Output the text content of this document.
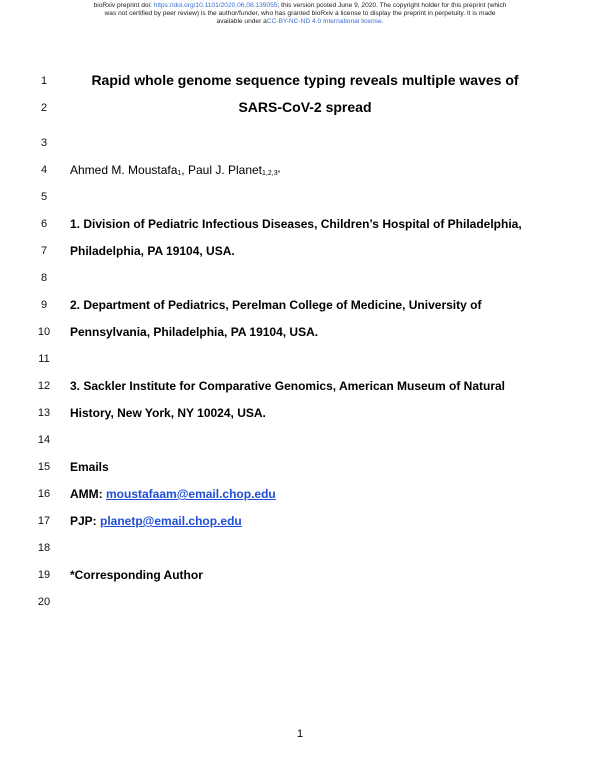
bioRxiv preprint doi: https://doi.org/10.1101/2020.06.08.139055; this version posted June 9, 2020. The copyright holder for this preprint (which
was not certified by peer review) is the author/funder, who has granted bioRxiv a license to display the preprint in perpetuity. It is made
available under aCC-BY-NC-ND 4.0 International license.
1	Rapid whole genome sequence typing reveals multiple waves of
2	SARS-CoV-2 spread
3
4	Ahmed M. Moustafa$_1$, Paul J. Planet$_{1,2,3*}$
5
6	1. Division of Pediatric Infectious Diseases, Children’s Hospital of Philadelphia,
7	Philadelphia, PA 19104, USA.
8
9	2. Department of Pediatrics, Perelman College of Medicine, University of
10 Pennsylvania, Philadelphia, PA 19104, USA.
11
12 3. Sackler Institute for Comparative Genomics, American Museum of Natural
13 History, New York, NY 10024, USA.
14
15 Emails
16 AMM: moustafaam@email.chop.edu
17 PJP: planetp@email.chop.edu
18
19 *Corresponding Author
20
1
